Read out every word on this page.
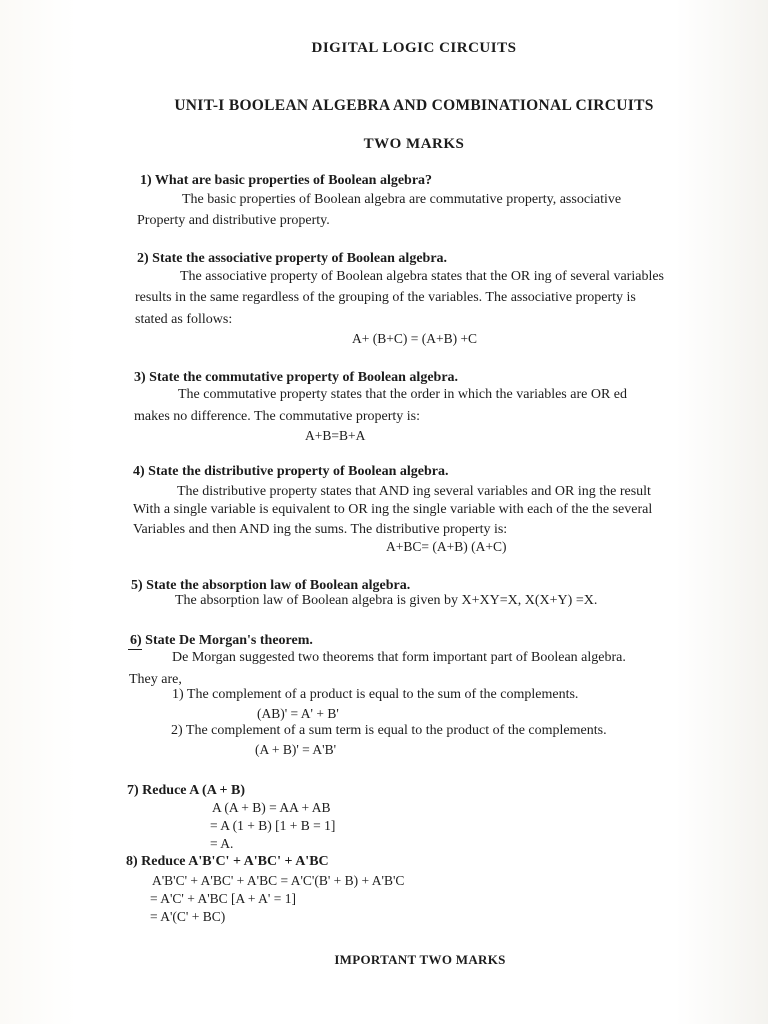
DIGITAL LOGIC CIRCUITS
UNIT-I BOOLEAN ALGEBRA AND COMBINATIONAL CIRCUITS
TWO MARKS
1) What are basic properties of Boolean algebra?
The basic properties of Boolean algebra are commutative property, associative
Property and distributive property.
2) State the associative property of Boolean algebra.
The associative property of Boolean algebra states that the OR ing of several variables
results in the same regardless of the grouping of the variables. The associative property is
stated as follows:
A+ (B+C) = (A+B) +C
3) State the commutative property of Boolean algebra.
The commutative property states that the order in which the variables are OR ed
makes no difference. The commutative property is:
A+B=B+A
4) State the distributive property of Boolean algebra.
The distributive property states that AND ing several variables and OR ing the result
With a single variable is equivalent to OR ing the single variable with each of the the several
Variables and then AND ing the sums. The distributive property is:
A+BC= (A+B) (A+C)
5) State the absorption law of Boolean algebra.
The absorption law of Boolean algebra is given by X+XY=X, X(X+Y) =X.
6) State De Morgan's theorem.
De Morgan suggested two theorems that form important part of Boolean algebra.
They are,
1) The complement of a product is equal to the sum of the complements.
(AB)' = A' + B'
2) The complement of a sum term is equal to the product of the complements.
(A + B)' = A'B'
7) Reduce A (A + B)
A (A + B) = AA + AB
= A (1 + B) [1 + B = 1]
= A.
8) Reduce A'B'C' + A'BC' + A'BC
A'B'C' + A'BC' + A'BC = A'C'(B' + B) + A'B'C
= A'C' + A'BC [A + A' = 1]
= A'(C' + BC)
IMPORTANT TWO MARKS
